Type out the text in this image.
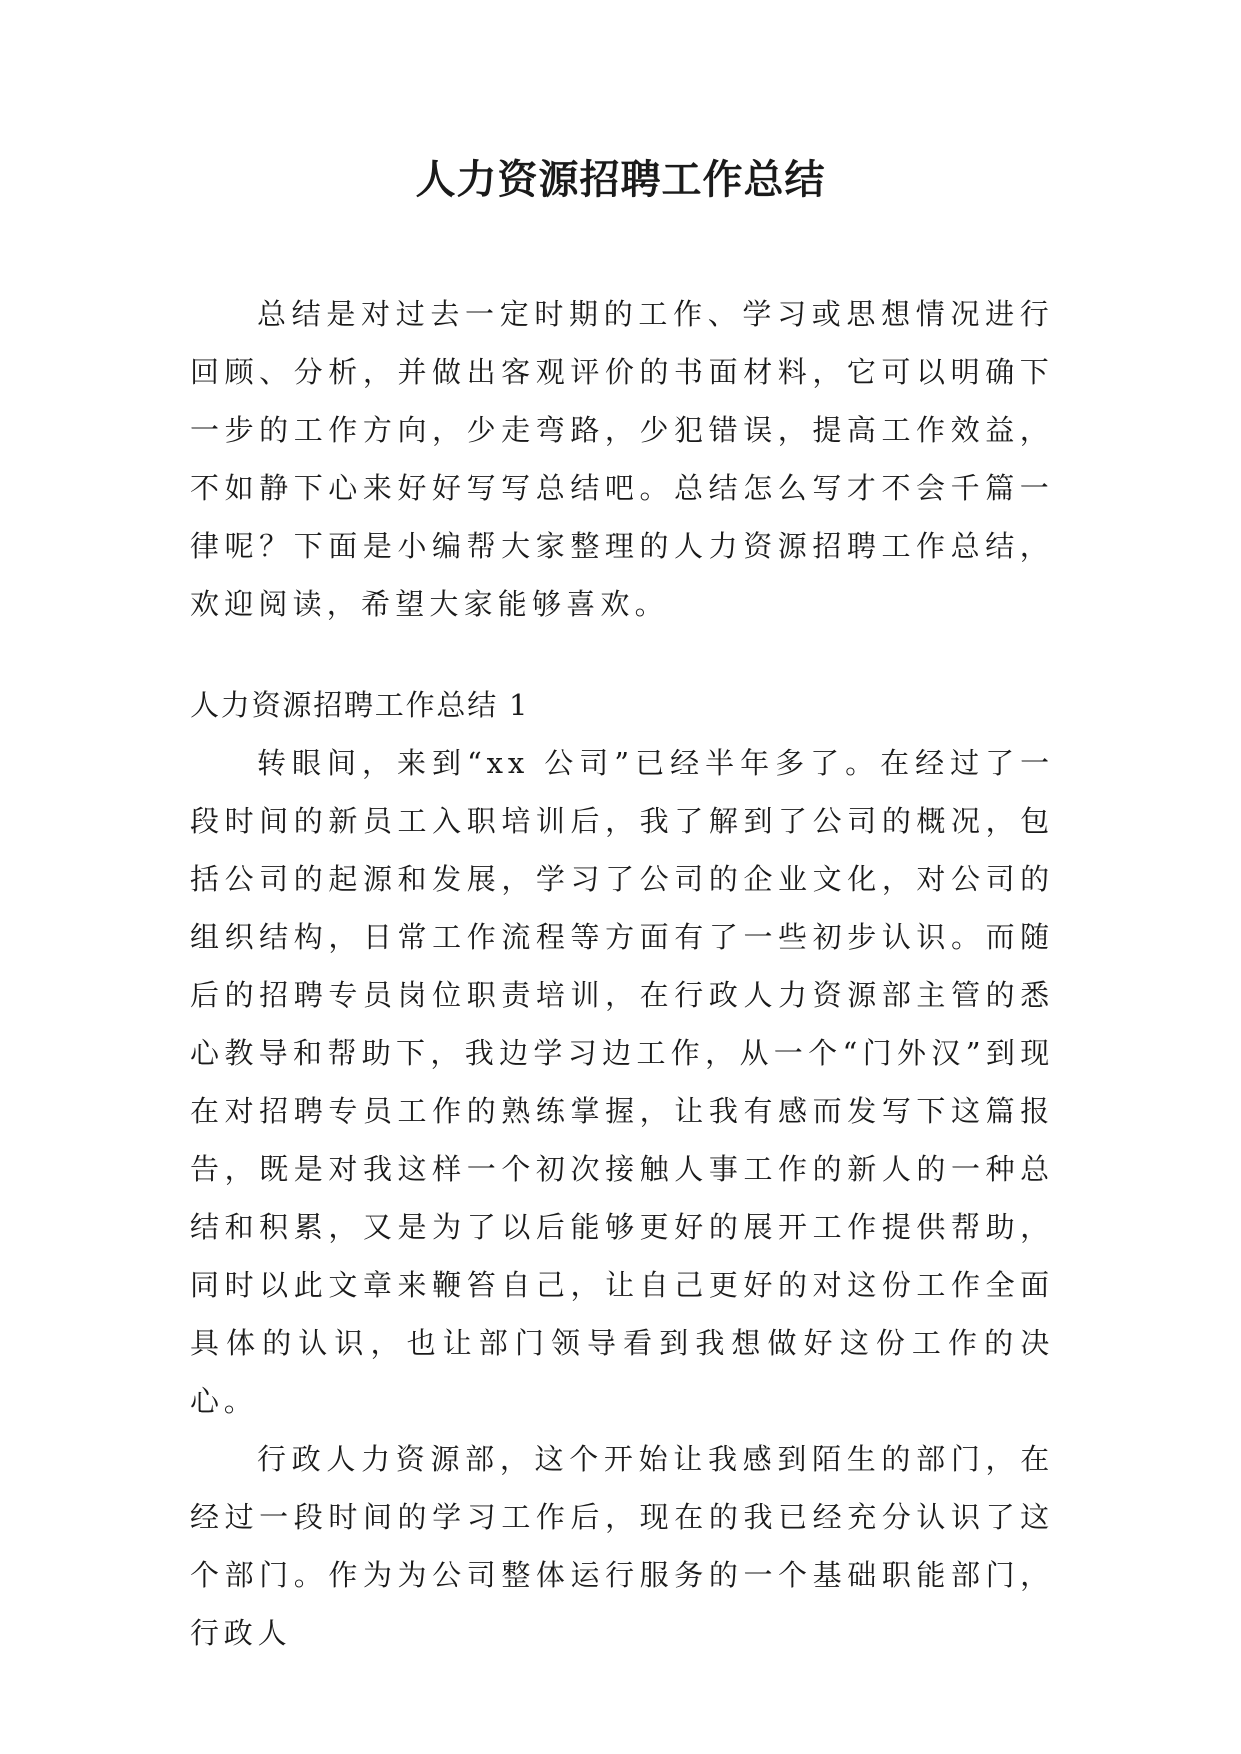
人力资源招聘工作总结

总结是对过去一定时期的工作、学习或思想情况进行回顾、分析，并做出客观评价的书面材料，它可以明确下一步的工作方向，少走弯路，少犯错误，提高工作效益，不如静下心来好好写写总结吧。总结怎么写才不会千篇一律呢？下面是小编帮大家整理的人力资源招聘工作总结，欢迎阅读，希望大家能够喜欢。

人力资源招聘工作总结 1

转眼间，来到“xx 公司”已经半年多了。在经过了一段时间的新员工入职培训后，我了解到了公司的概况，包括公司的起源和发展，学习了公司的企业文化，对公司的组织结构，日常工作流程等方面有了一些初步认识。而随后的招聘专员岗位职责培训，在行政人力资源部主管的悉心教导和帮助下，我边学习边工作，从一个“门外汉”到现在对招聘专员工作的熟练掌握，让我有感而发写下这篇报告，既是对我这样一个初次接触人事工作的新人的一种总结和积累，又是为了以后能够更好的展开工作提供帮助，同时以此文章来鞭笞自己，让自己更好的对这份工作全面具体的认识，也让部门领导看到我想做好这份工作的决心。

行政人力资源部，这个开始让我感到陌生的部门，在经过一段时间的学习工作后，现在的我已经充分认识了这个部门。作为为公司整体运行服务的一个基础职能部门，行政人
